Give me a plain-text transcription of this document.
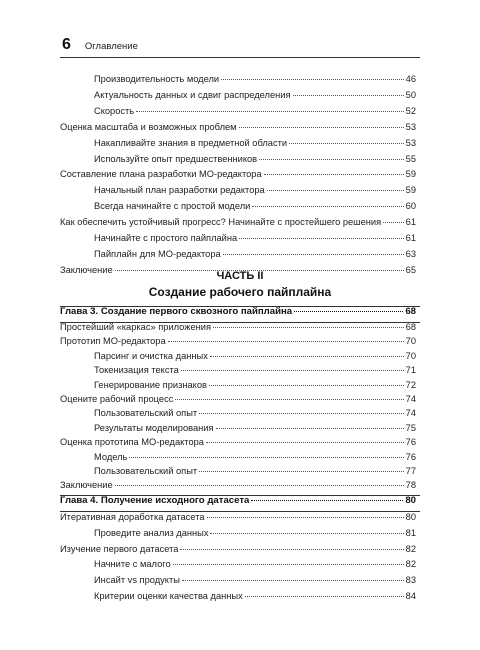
6 Оглавление
Производительность модели	46
Актуальность данных и сдвиг распределения	50
Скорость	52
Оценка масштаба и возможных проблем	53
Накапливайте знания в предметной области	53
Используйте опыт предшественников	55
Составление плана разработки МО-редактора	59
Начальный план разработки редактора	59
Всегда начинайте с простой модели	60
Как обеспечить устойчивый прогресс? Начинайте с простейшего решения	61
Начинайте с простого пайплайна	61
Пайплайн для МО-редактора	63
Заключение	65
ЧАСТЬ II
Создание рабочего пайплайна
Глава 3. Создание первого сквозного пайплайна	68
Простейший «каркас» приложения	68
Прототип МО-редактора	70
Парсинг и очистка данных	70
Токенизация текста	71
Генерирование признаков	72
Оцените рабочий процесс	74
Пользовательский опыт	74
Результаты моделирования	75
Оценка прототипа МО-редактора	76
Модель	76
Пользовательский опыт	77
Заключение	78
Глава 4. Получение исходного датасета	80
Итеративная доработка датасета	80
Проведите анализ данных	81
Изучение первого датасета	82
Начните с малого	82
Инсайт vs продукты	83
Критерии оценки качества данных	84
